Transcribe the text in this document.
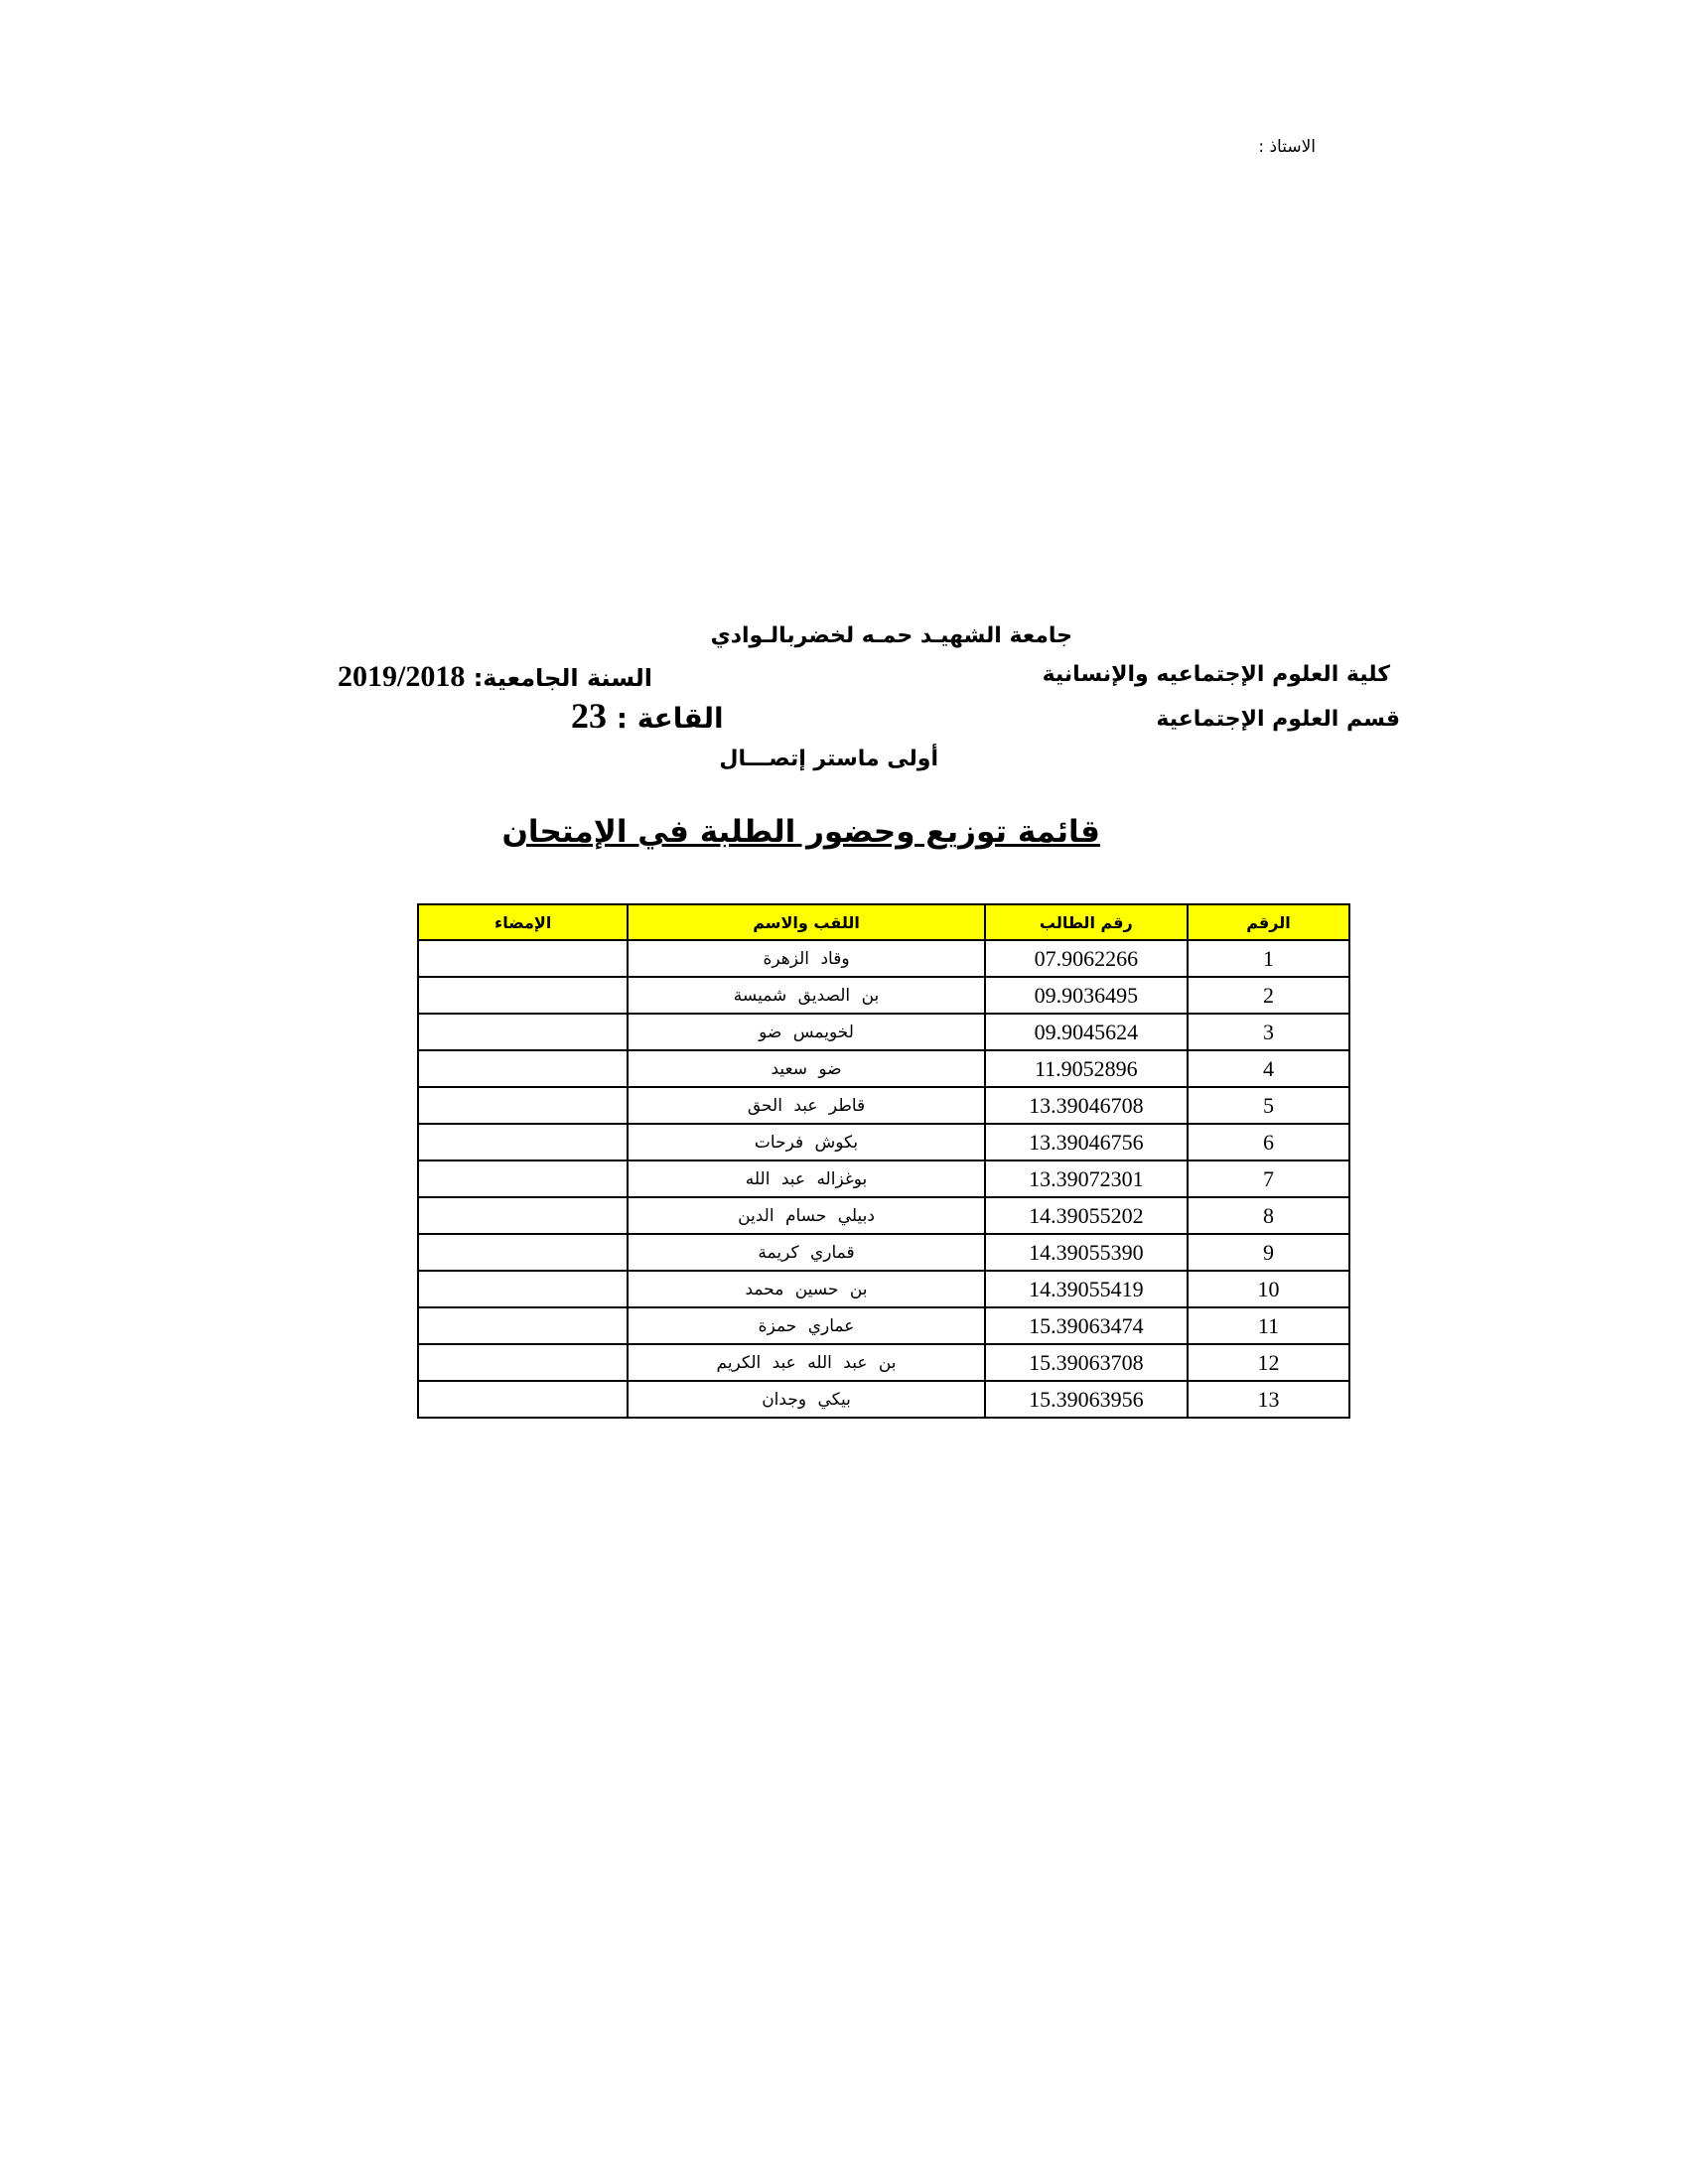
الاستاذ :
جامعة الشهيـد حمـه لخضربالـوادي
كلية العلوم الإجتماعيه والإنسانية
السنة الجامعية: 2019/2018
قسم العلوم الإجتماعية
القاعة : 23
أولى ماستر إتصـــال
قائمة توزيع وحضور الطلبة في الإمتحان
الرقم	رقم الطالب	اللقب والاسم	الإمضاء
1	07.9062266	وقاد الزهرة	
2	09.9036495	بن الصديق شميسة	
3	09.9045624	لخويمس ضو	
4	11.9052896	ضو سعيد	
5	13.39046708	قاطر عبد الحق	
6	13.39046756	بكوش فرحات	
7	13.39072301	بوغزاله عبد الله	
8	14.39055202	دبيلي حسام الدين	
9	14.39055390	قماري كريمة	
10	14.39055419	بن حسين محمد	
11	15.39063474	عماري حمزة	
12	15.39063708	بن عبد الله عبد الكريم	
13	15.39063956	بيكي وجدان	
